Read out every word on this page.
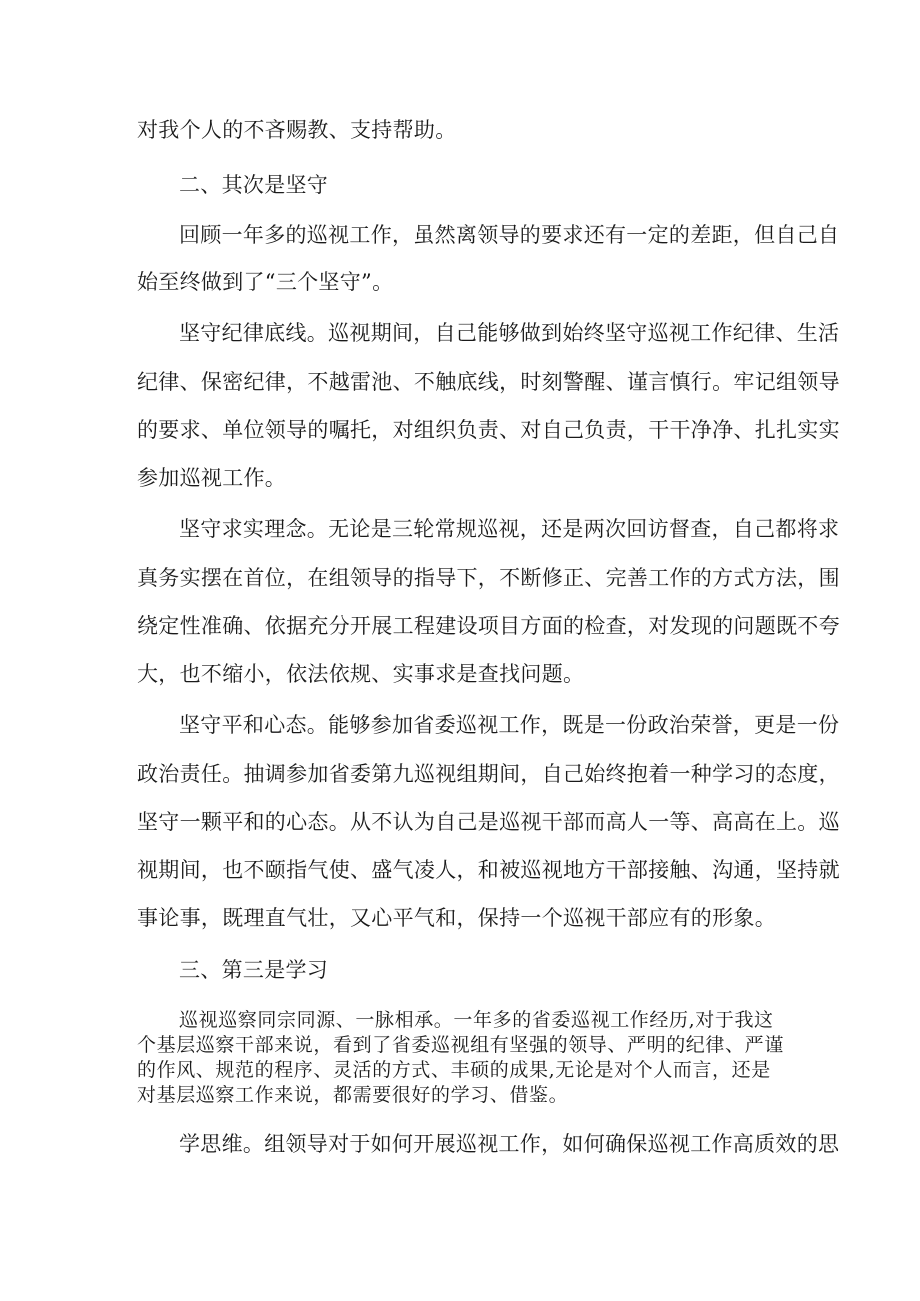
对我个人的不吝赐教、支持帮助。
二、其次是坚守
回顾一年多的巡视工作，虽然离领导的要求还有一定的差距，但自己自
始至终做到了“三个坚守”。
坚守纪律底线。巡视期间，自己能够做到始终坚守巡视工作纪律、生活
纪律、保密纪律，不越雷池、不触底线，时刻警醒、谨言慎行。牢记组领导
的要求、单位领导的嘱托，对组织负责、对自己负责，干干净净、扎扎实实
参加巡视工作。
坚守求实理念。无论是三轮常规巡视，还是两次回访督查，自己都将求
真务实摆在首位，在组领导的指导下，不断修正、完善工作的方式方法，围
绕定性准确、依据充分开展工程建设项目方面的检查，对发现的问题既不夸
大，也不缩小，依法依规、实事求是查找问题。
坚守平和心态。能够参加省委巡视工作，既是一份政治荣誉，更是一份
政治责任。抽调参加省委第九巡视组期间，自己始终抱着一种学习的态度，
坚守一颗平和的心态。从不认为自己是巡视干部而高人一等、高高在上。巡
视期间，也不颐指气使、盛气凌人，和被巡视地方干部接触、沟通，坚持就
事论事，既理直气壮，又心平气和，保持一个巡视干部应有的形象。
三、第三是学习
巡视巡察同宗同源、一脉相承。一年多的省委巡视工作经历,对于我这
个基层巡察干部来说，看到了省委巡视组有坚强的领导、严明的纪律、严谨
的作风、规范的程序、灵活的方式、丰硕的成果,无论是对个人而言，还是
对基层巡察工作来说，都需要很好的学习、借鉴。
学思维。组领导对于如何开展巡视工作，如何确保巡视工作高质效的思
